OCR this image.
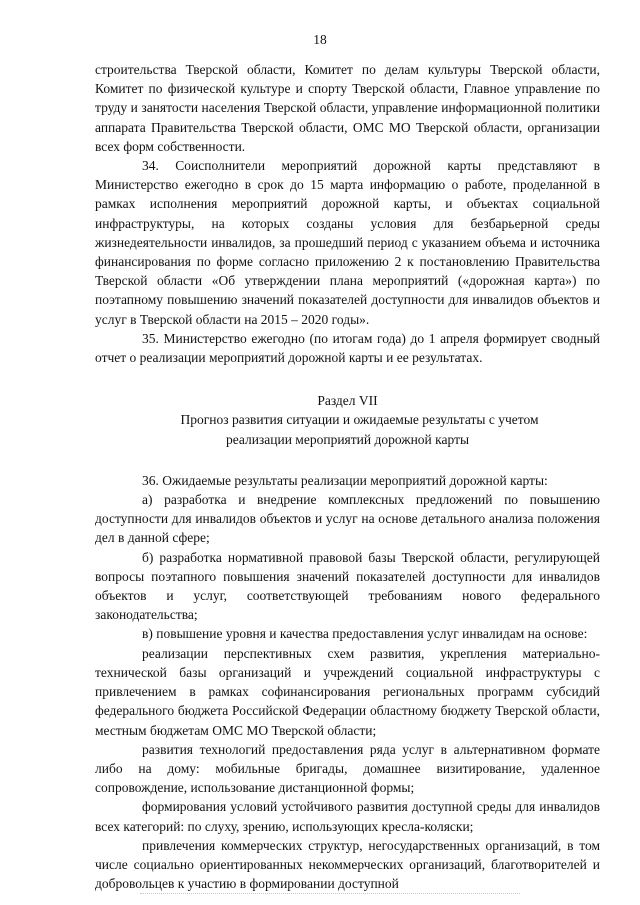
18

строительства Тверской области, Комитет по делам культуры Тверской области, Комитет по физической культуре и спорту Тверской области, Главное управление по труду и занятости населения Тверской области, управление информационной политики аппарата Правительства Тверской области, ОМС МО Тверской области, организации всех форм собственности.

34. Соисполнители мероприятий дорожной карты представляют в Министерство ежегодно в срок до 15 марта информацию о работе, проделанной в рамках исполнения мероприятий дорожной карты, и объектах социальной инфраструктуры, на которых созданы условия для безбарьерной среды жизнедеятельности инвалидов, за прошедший период с указанием объема и источника финансирования по форме согласно приложению 2 к постановлению Правительства Тверской области «Об утверждении плана мероприятий («дорожная карта») по поэтапному повышению значений показателей доступности для инвалидов объектов и услуг в Тверской области на 2015 – 2020 годы».

35. Министерство ежегодно (по итогам года) до 1 апреля формирует сводный отчет о реализации мероприятий дорожной карты и ее результатах.

Раздел VII

Прогноз развития ситуации и ожидаемые результаты с учетом

реализации мероприятий дорожной карты

36. Ожидаемые результаты реализации мероприятий дорожной карты:

а) разработка и внедрение комплексных предложений по повышению доступности для инвалидов объектов и услуг на основе детального анализа положения дел в данной сфере;

б) разработка нормативной правовой базы Тверской области, регулирующей вопросы поэтапного повышения значений показателей доступности для инвалидов объектов и услуг, соответствующей требованиям нового федерального законодательства;

в) повышение уровня и качества предоставления услуг инвалидам на основе:

реализации перспективных схем развития, укрепления материально-технической базы организаций и учреждений социальной инфраструктуры с привлечением в рамках софинансирования региональных программ субсидий федерального бюджета Российской Федерации областному бюджету Тверской области, местным бюджетам ОМС МО Тверской области;

развития технологий предоставления ряда услуг в альтернативном формате либо на дому: мобильные бригады, домашнее визитирование, удаленное сопровождение, использование дистанционной формы;

формирования условий устойчивого развития доступной среды для инвалидов всех категорий: по слуху, зрению, использующих кресла-коляски;

привлечения коммерческих структур, негосударственных организаций, в том числе социально ориентированных некоммерческих организаций, благотворителей и добровольцев к участию в формировании доступной
